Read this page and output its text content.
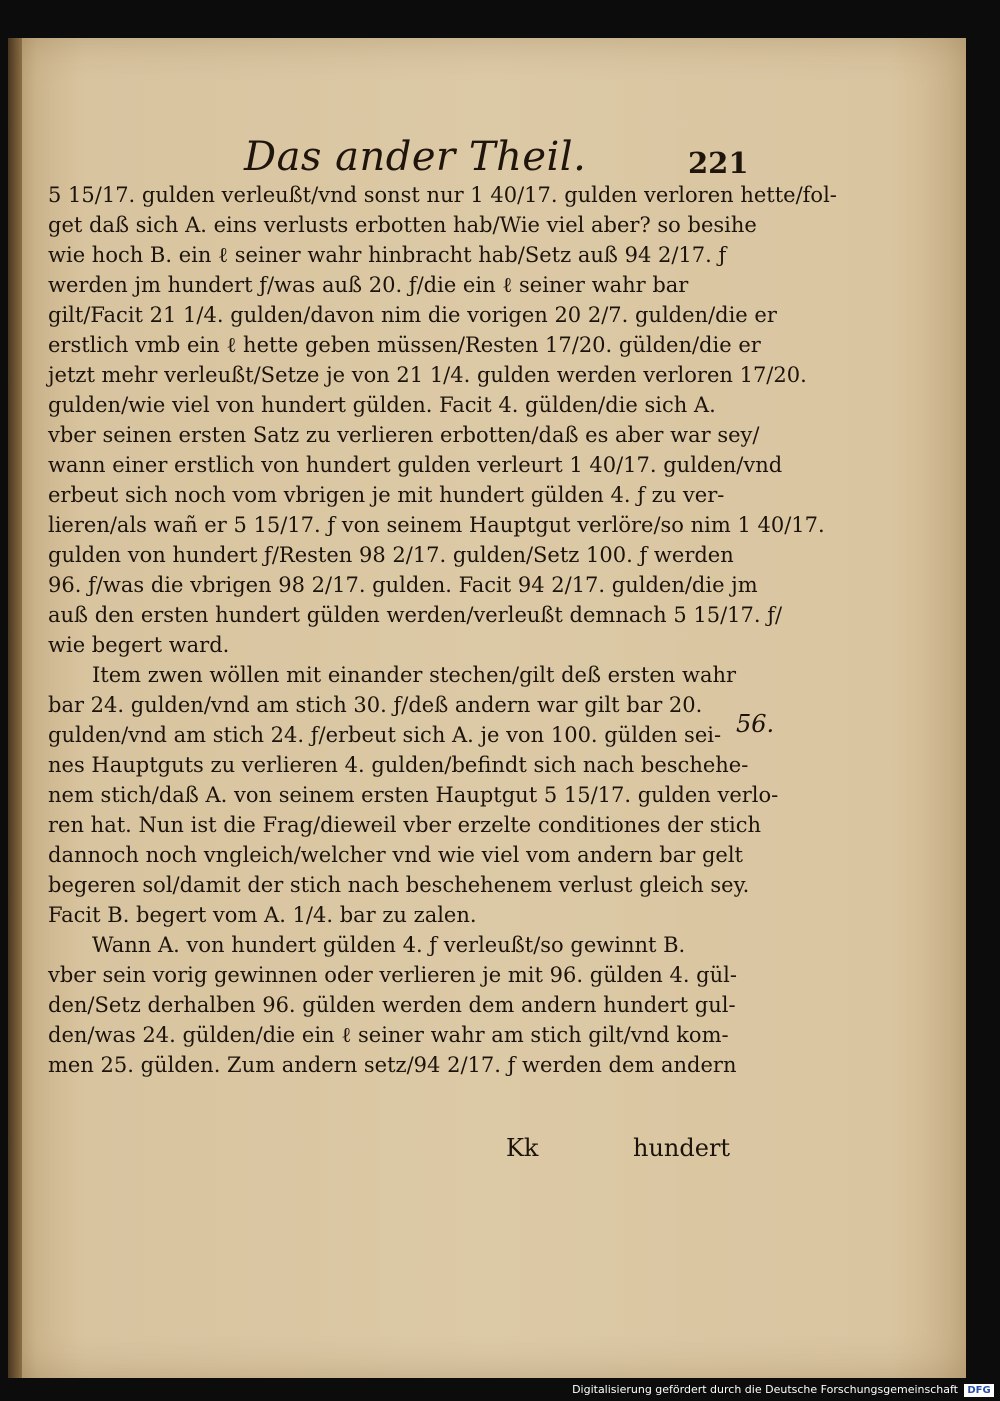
Das ander Theil.	221
5 15/17. gulden verleußt/vnd sonst nur 1 40/17. gulden verloren hette/fol-
get daß sich A. eins verlusts erbotten hab/Wie viel aber? so besihe
wie hoch B. ein ℓ seiner wahr hinbracht hab/Setz auß 94 2/17. ƒ
werden jm hundert ƒ/was auß 20. ƒ/die ein ℓ seiner wahr bar
gilt/Facit 21 1/4. gulden/davon nim die vorigen 20 2/7. gulden/die er
erstlich vmb ein ℓ hette geben müssen/Resten 17/20. gülden/die er
jetzt mehr verleußt/Setze je von 21 1/4. gulden werden verloren 17/20.
gulden/wie viel von hundert gülden. Facit 4. gülden/die sich A.
vber seinen ersten Satz zu verlieren erbotten/daß es aber war sey/
wann einer erstlich von hundert gulden verleurt 1 40/17. gulden/vnd
erbeut sich noch vom vbrigen je mit hundert gülden 4. ƒ zu ver-
lieren/als wañ er 5 15/17. ƒ von seinem Hauptgut verlöre/so nim 1 40/17.
gulden von hundert ƒ/Resten 98 2/17. gulden/Setz 100. ƒ werden
96. ƒ/was die vbrigen 98 2/17. gulden. Facit 94 2/17. gulden/die jm
auß den ersten hundert gülden werden/verleußt demnach 5 15/17. ƒ/
wie begert ward.
Item zwen wöllen mit einander stechen/gilt deß ersten wahr
bar 24. gulden/vnd am stich 30. ƒ/deß andern war gilt bar 20.
gulden/vnd am stich 24. ƒ/erbeut sich A. je von 100. gülden sei-
nes Hauptguts zu verlieren 4. gulden/befindt sich nach beschehe-
nem stich/daß A. von seinem ersten Hauptgut 5 15/17. gulden verlo-
ren hat. Nun ist die Frag/dieweil vber erzelte conditiones der stich
dannoch noch vngleich/welcher vnd wie viel vom andern bar gelt
begeren sol/damit der stich nach beschehenem verlust gleich sey.
Facit B. begert vom A. 1/4. bar zu zalen.
Wann A. von hundert gülden 4. ƒ verleußt/so gewinnt B.
vber sein vorig gewinnen oder verlieren je mit 96. gülden 4. gül-
den/Setz derhalben 96. gülden werden dem andern hundert gul-
den/was 24. gülden/die ein ℓ seiner wahr am stich gilt/vnd kom-
men 25. gülden. Zum andern setz/94 2/17. ƒ werden dem andern
56.
Kk	hundert
Digitalisierung gefördert durch die Deutsche Forschungsgemeinschaft DFG
